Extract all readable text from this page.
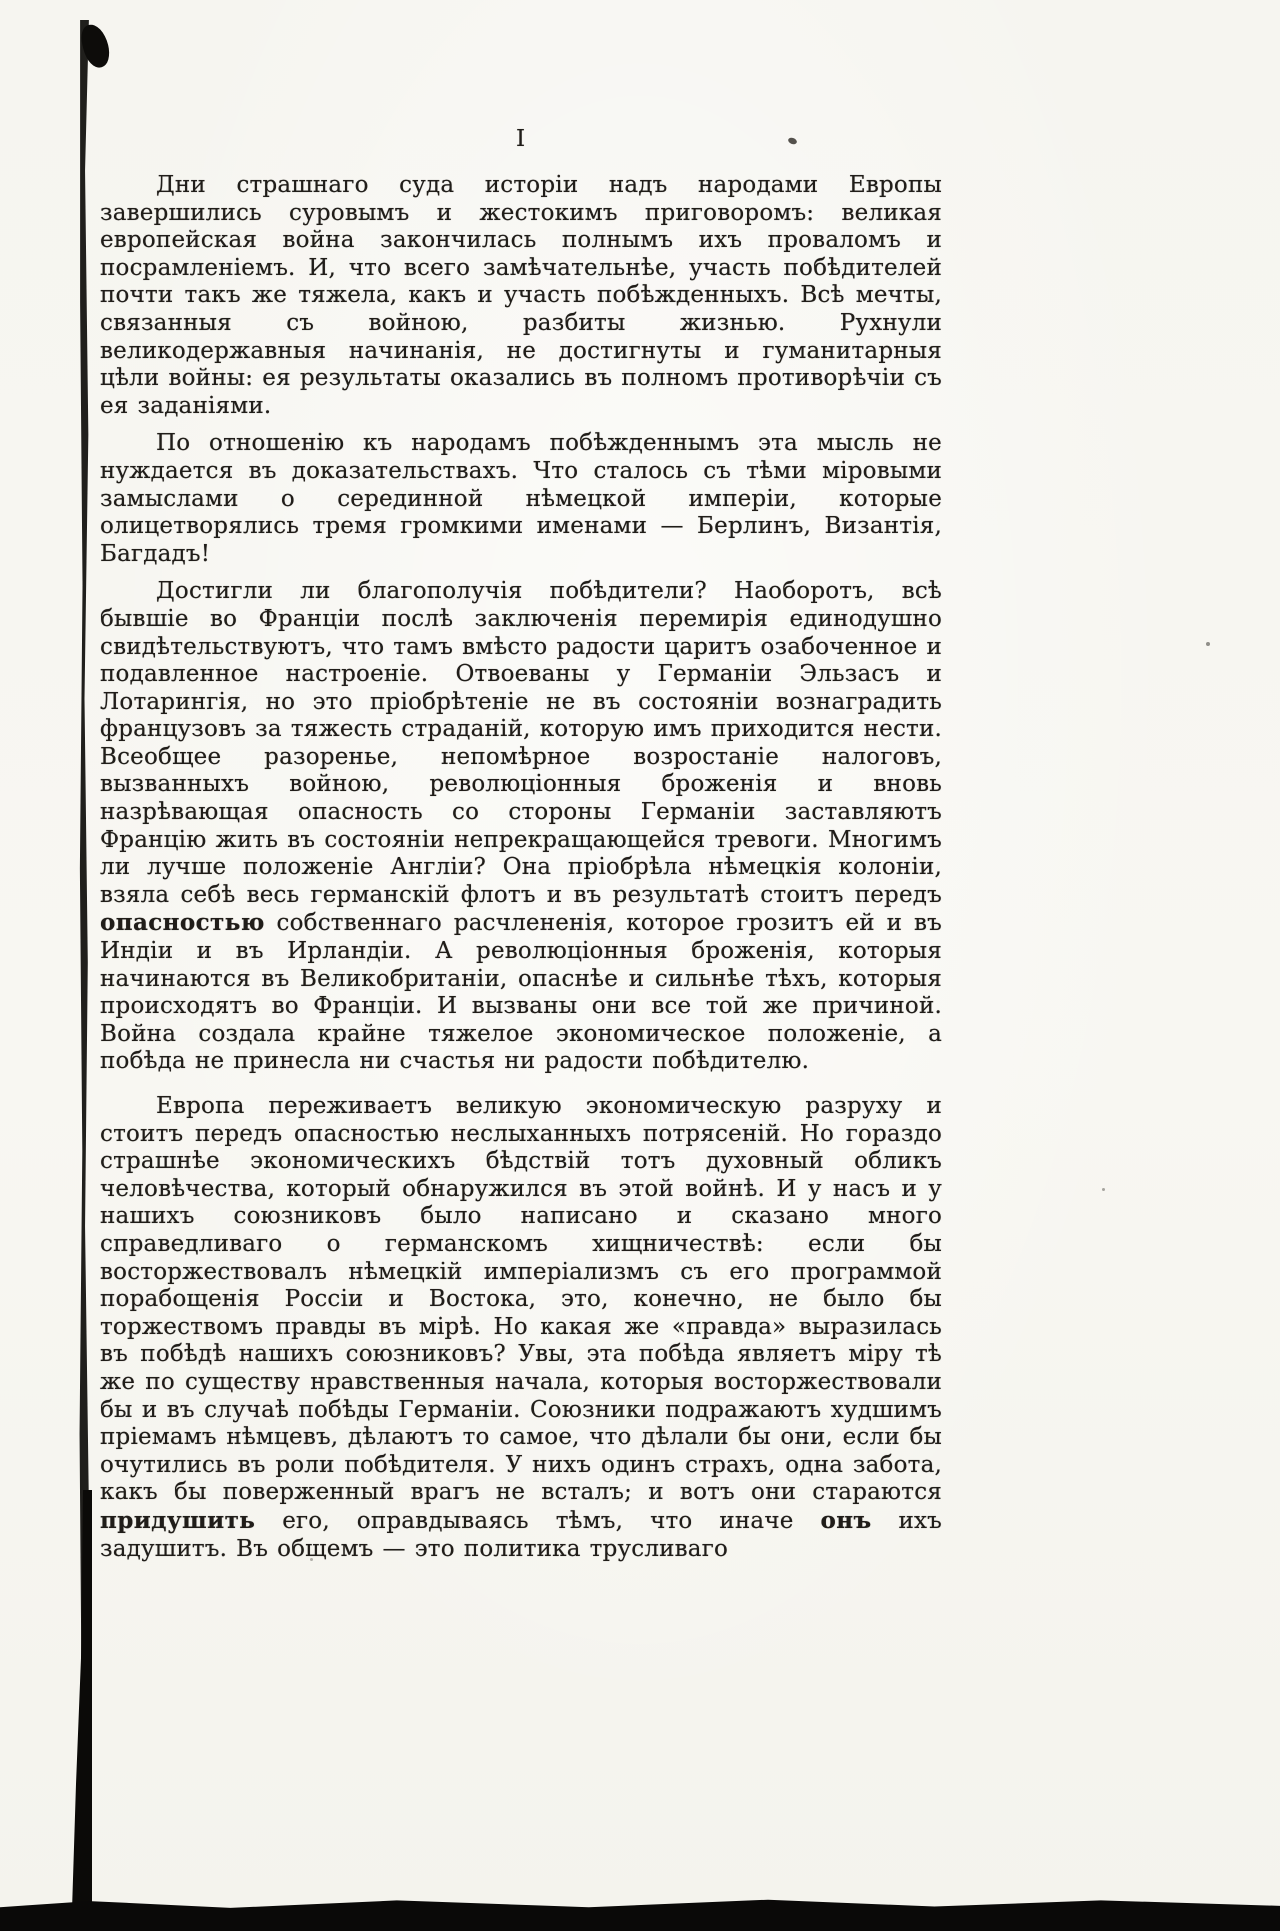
I

Дни страшнаго суда исторіи надъ народами Европы завершились суровымъ и жестокимъ приговоромъ: великая европейская война закончилась полнымъ ихъ проваломъ и посрамленіемъ. И, что всего замѣчательнѣе, участь побѣдителей почти такъ же тяжела, какъ и участь побѣжденныхъ. Всѣ мечты, связанныя съ войною, разбиты жизнью. Рухнули великодержавныя начинанія, не достигнуты и гуманитарныя цѣли войны: ея результаты оказались въ полномъ противорѣчіи съ ея заданіями.

По отношенію къ народамъ побѣжденнымъ эта мысль не нуждается въ доказательствахъ. Что сталось съ тѣми міровыми замыслами о серединной нѣмецкой имперіи, которые олицетворялись тремя громкими именами — Берлинъ, Византія, Багдадъ!

Достигли ли благополучія побѣдители? Наоборотъ, всѣ бывшіе во Франціи послѣ заключенія перемирія единодушно свидѣтельствуютъ, что тамъ вмѣсто радости царитъ озабоченное и подавленное настроеніе. Отвоеваны у Германіи Эльзасъ и Лотарингія, но это пріобрѣтеніе не въ состояніи вознаградить французовъ за тяжесть страданій, которую имъ приходится нести. Всеобщее разоренье, непомѣрное возростаніе налоговъ, вызванныхъ войною, революціонныя броженія и вновь назрѣвающая опасность со стороны Германіи заставляютъ Францію жить въ состояніи непрекращающейся тревоги. Многимъ ли лучше положеніе Англіи? Она пріобрѣла нѣмецкія колоніи, взяла себѣ весь германскій флотъ и въ результатѣ стоитъ передъ опасностью собственнаго расчлененія, которое грозитъ ей и въ Индіи и въ Ирландіи. А революціонныя броженія, которыя начинаются въ Великобританіи, опаснѣе и сильнѣе тѣхъ, которыя происходятъ во Франціи. И вызваны они все той же причиной. Война создала крайне тяжелое экономическое положеніе, а побѣда не принесла ни счастья ни радости побѣдителю.

Европа переживаетъ великую экономическую разруху и стоитъ передъ опасностью неслыханныхъ потрясеній. Но гораздо страшнѣе экономическихъ бѣдствій тотъ духовный обликъ человѣчества, который обнаружился въ этой войнѣ. И у насъ и у нашихъ союзниковъ было написано и сказано много справедливаго о германскомъ хищничествѣ: если бы восторжествовалъ нѣмецкій имперіализмъ съ его программой порабощенія Россіи и Востока, это, конечно, не было бы торжествомъ правды въ мірѣ. Но какая же «правда» выразилась въ побѣдѣ нашихъ союзниковъ? Увы, эта побѣда являетъ міру тѣ же по существу нравственныя начала, которыя восторжествовали бы и въ случаѣ побѣды Германіи. Союзники подражаютъ худшимъ пріемамъ нѣмцевъ, дѣлаютъ то самое, что дѣлали бы они, если бы очутились въ роли побѣдителя. У нихъ одинъ страхъ, одна забота, какъ бы поверженный врагъ не всталъ; и вотъ они стараются придушить его, оправдываясь тѣмъ, что иначе онъ ихъ задушитъ. Въ общемъ — это политика трусливаго
